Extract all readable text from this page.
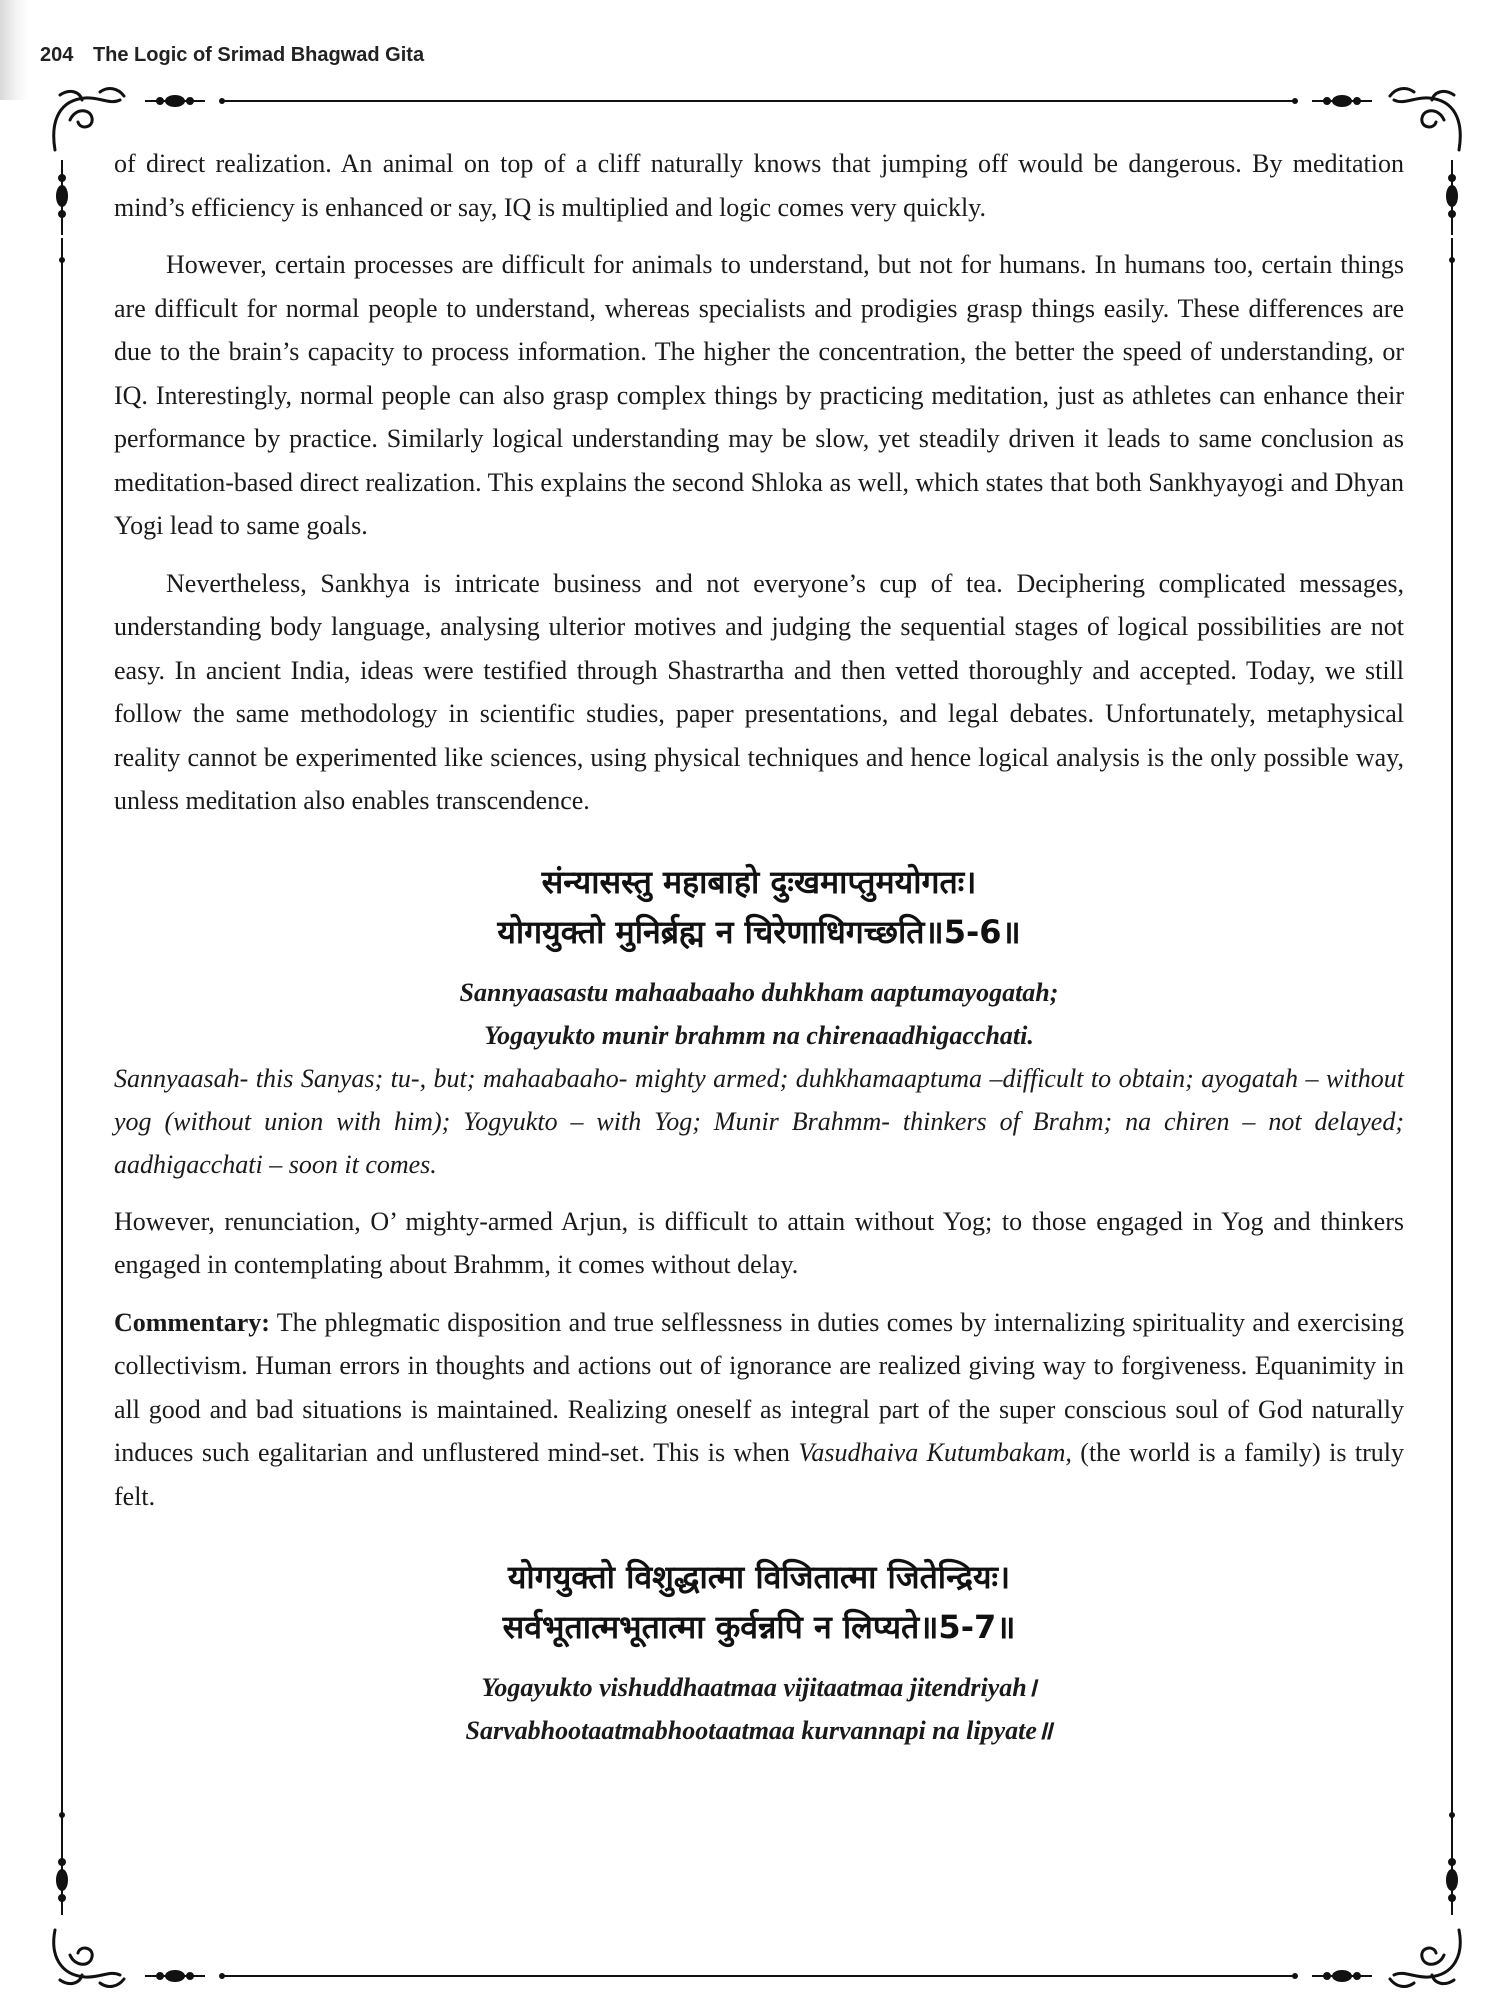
204 The Logic of Srimad Bhagwad Gita

of direct realization. An animal on top of a cliff naturally knows that jumping off would be dangerous. By meditation mind’s efficiency is enhanced or say, IQ is multiplied and logic comes very quickly.

However, certain processes are difficult for animals to understand, but not for humans. In humans too, certain things are difficult for normal people to understand, whereas specialists and prodigies grasp things easily. These differences are due to the brain’s capacity to process information. The higher the concentration, the better the speed of understanding, or IQ. Interestingly, normal people can also grasp complex things by practicing meditation, just as athletes can enhance their performance by practice. Similarly logical understanding may be slow, yet steadily driven it leads to same conclusion as meditation-based direct realization. This explains the second Shloka as well, which states that both Sankhyayogi and Dhyan Yogi lead to same goals.

Nevertheless, Sankhya is intricate business and not everyone’s cup of tea. Deciphering complicated messages, understanding body language, analysing ulterior motives and judging the sequential stages of logical possibilities are not easy. In ancient India, ideas were testified through Shastrartha and then vetted thoroughly and accepted. Today, we still follow the same methodology in scientific studies, paper presentations, and legal debates. Unfortunately, metaphysical reality cannot be experimented like sciences, using physical techniques and hence logical analysis is the only possible way, unless meditation also enables transcendence.

संन्यासस्तु महाबाहो दुःखमाप्तुमयोगतः।
योगयुक्तो मुनिर्ब्रह्म न चिरेणाधिगच्छति॥5-6॥
Sannyaasastu mahaabaaho duhkham aaptumayogatah;
Yogayukto munir brahmm na chirenaadhigacchati.

Sannyaasah- this Sanyas; tu-, but; mahaabaaho- mighty armed; duhkhamaaptuma –difficult to obtain; ayogatah – without yog (without union with him); Yogyukto – with Yog; Munir Brahmm- thinkers of Brahm; na chiren – not delayed; aadhigacchati – soon it comes.

However, renunciation, O’ mighty-armed Arjun, is difficult to attain without Yog; to those engaged in Yog and thinkers engaged in contemplating about Brahmm, it comes without delay.

Commentary: The phlegmatic disposition and true selflessness in duties comes by internalizing spirituality and exercising collectivism. Human errors in thoughts and actions out of ignorance are realized giving way to forgiveness. Equanimity in all good and bad situations is maintained. Realizing oneself as integral part of the super conscious soul of God naturally induces such egalitarian and unflustered mind-set. This is when Vasudhaiva Kutumbakam, (the world is a family) is truly felt.

योगयुक्तो विशुद्धात्मा विजितात्मा जितेन्द्रियः।
सर्वभूतात्मभूतात्मा कुर्वन्नपि न लिप्यते॥5-7॥
Yogayukto vishuddhaatmaa vijitaatmaa jitendriyah।
Sarvabhootaatmabhootaatmaa kurvannapi na lipyate॥
